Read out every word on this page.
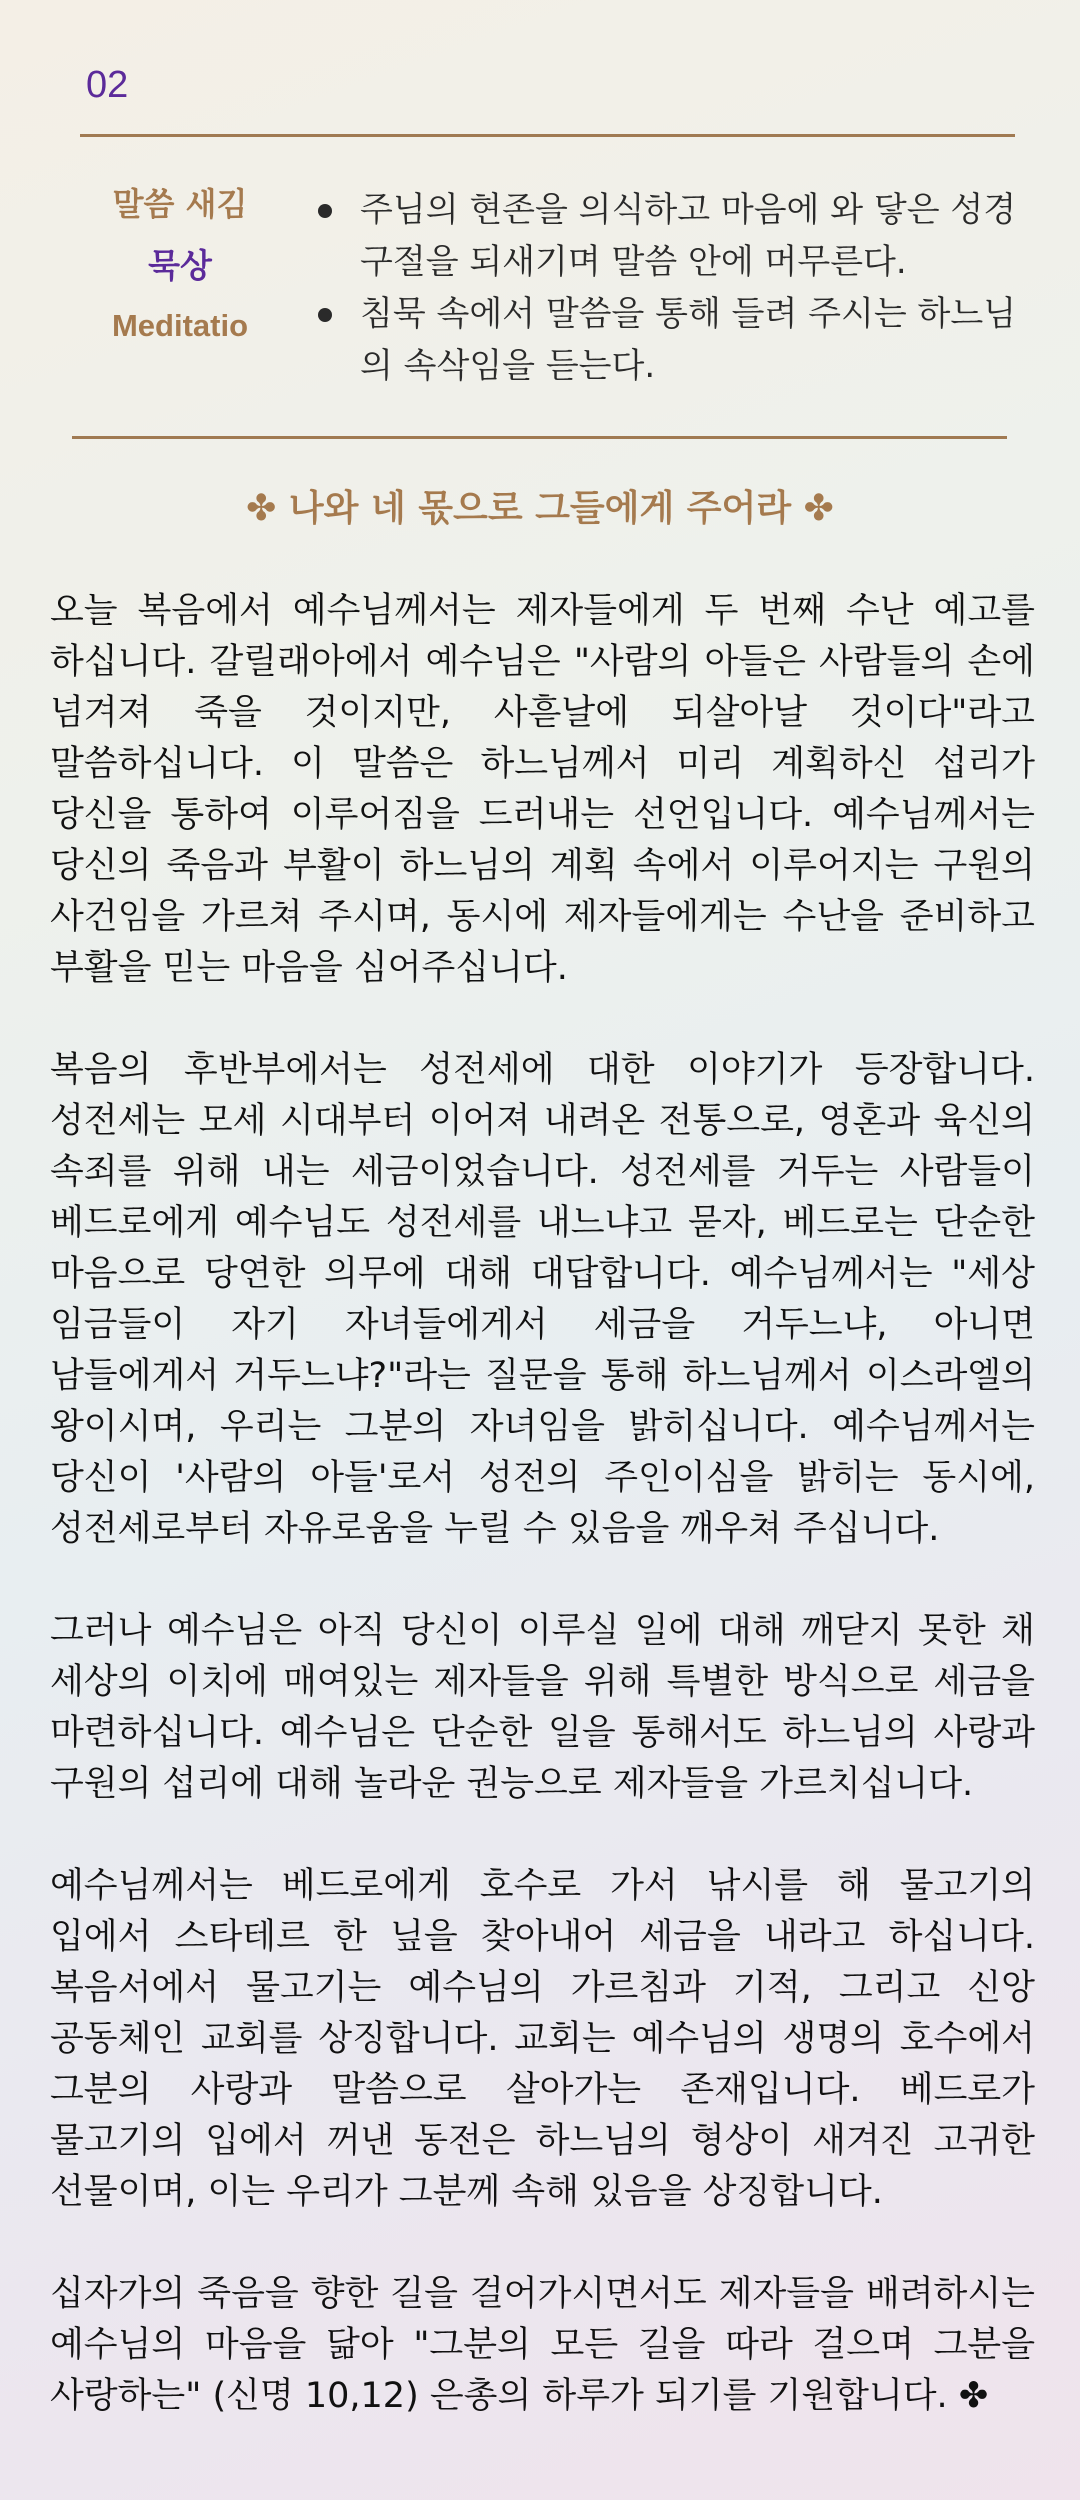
02
말씀 새김
묵상
Meditatio
주님의 현존을 의식하고 마음에 와 닿은 성경구절을 되새기며 말씀 안에 머무른다.
침묵 속에서 말씀을 통해 들려 주시는 하느님의 속삭임을 듣는다.
✤ 나와 네 몫으로 그들에게 주어라 ✤

오늘 복음에서 예수님께서는 제자들에게 두 번째 수난 예고를 하십니다. 갈릴래아에서 예수님은 "사람의 아들은 사람들의 손에 넘겨져 죽을 것이지만, 사흗날에 되살아날 것이다"라고 말씀하십니다. 이 말씀은 하느님께서 미리 계획하신 섭리가 당신을 통하여 이루어짐을 드러내는 선언입니다. 예수님께서는 당신의 죽음과 부활이 하느님의 계획 속에서 이루어지는 구원의 사건임을 가르쳐 주시며, 동시에 제자들에게는 수난을 준비하고 부활을 믿는 마음을 심어주십니다.

복음의 후반부에서는 성전세에 대한 이야기가 등장합니다. 성전세는 모세 시대부터 이어져 내려온 전통으로, 영혼과 육신의 속죄를 위해 내는 세금이었습니다. 성전세를 거두는 사람들이 베드로에게 예수님도 성전세를 내느냐고 묻자, 베드로는 단순한 마음으로 당연한 의무에 대해 대답합니다. 예수님께서는 "세상 임금들이 자기 자녀들에게서 세금을 거두느냐, 아니면 남들에게서 거두느냐?"라는 질문을 통해 하느님께서 이스라엘의 왕이시며, 우리는 그분의 자녀임을 밝히십니다. 예수님께서는 당신이 '사람의 아들'로서 성전의 주인이심을 밝히는 동시에, 성전세로부터 자유로움을 누릴 수 있음을 깨우쳐 주십니다.

그러나 예수님은 아직 당신이 이루실 일에 대해 깨닫지 못한 채 세상의 이치에 매여있는 제자들을 위해 특별한 방식으로 세금을 마련하십니다. 예수님은 단순한 일을 통해서도 하느님의 사랑과 구원의 섭리에 대해 놀라운 권능으로 제자들을 가르치십니다.

예수님께서는 베드로에게 호수로 가서 낚시를 해 물고기의 입에서 스타테르 한 닢을 찾아내어 세금을 내라고 하십니다. 복음서에서 물고기는 예수님의 가르침과 기적, 그리고 신앙 공동체인 교회를 상징합니다. 교회는 예수님의 생명의 호수에서 그분의 사랑과 말씀으로 살아가는 존재입니다. 베드로가 물고기의 입에서 꺼낸 동전은 하느님의 형상이 새겨진 고귀한 선물이며, 이는 우리가 그분께 속해 있음을 상징합니다.

십자가의 죽음을 향한 길을 걸어가시면서도 제자들을 배려하시는 예수님의 마음을 닮아 "그분의 모든 길을 따라 걸으며 그분을 사랑하는" (신명 10,12) 은총의 하루가 되기를 기원합니다. ✤
